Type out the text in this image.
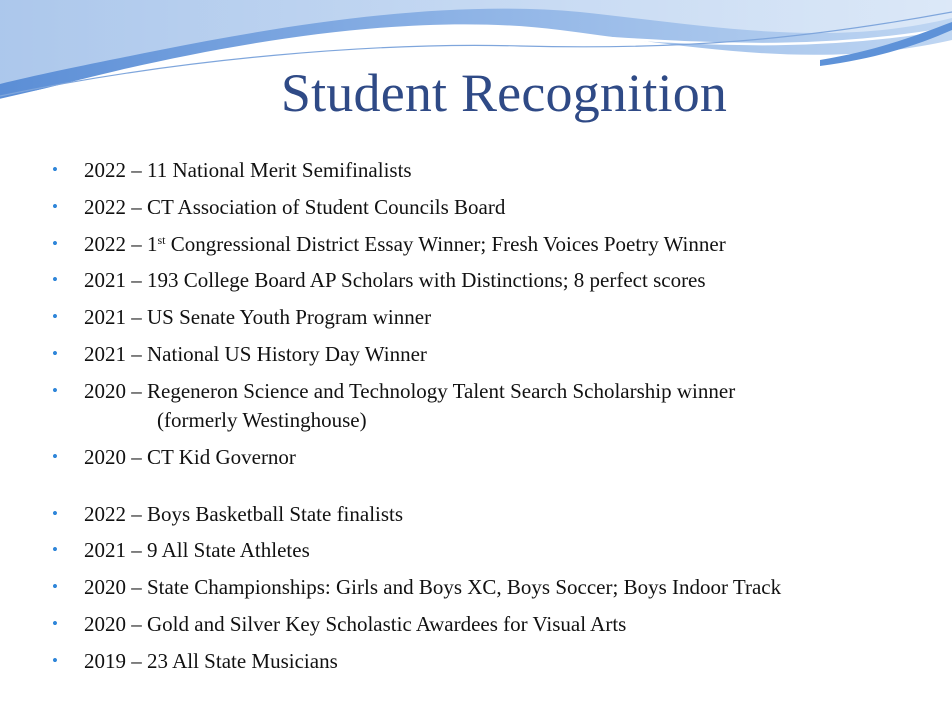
Student Recognition
• 2022 – 11 National Merit Semifinalists
• 2022 – CT Association of Student Councils Board
• 2022 – 1st Congressional District Essay Winner; Fresh Voices Poetry Winner
• 2021 – 193 College Board AP Scholars with Distinctions; 8 perfect scores
• 2021 – US Senate Youth Program winner
• 2021 – National US History Day Winner
• 2020 – Regeneron Science and Technology Talent Search Scholarship winner
(formerly Westinghouse)
• 2020 – CT Kid Governor
• 2022 – Boys Basketball State finalists
• 2021 – 9 All State Athletes
• 2020 – State Championships: Girls and Boys XC, Boys Soccer; Boys Indoor Track
• 2020 – Gold and Silver Key Scholastic Awardees for Visual Arts
• 2019 – 23 All State Musicians
